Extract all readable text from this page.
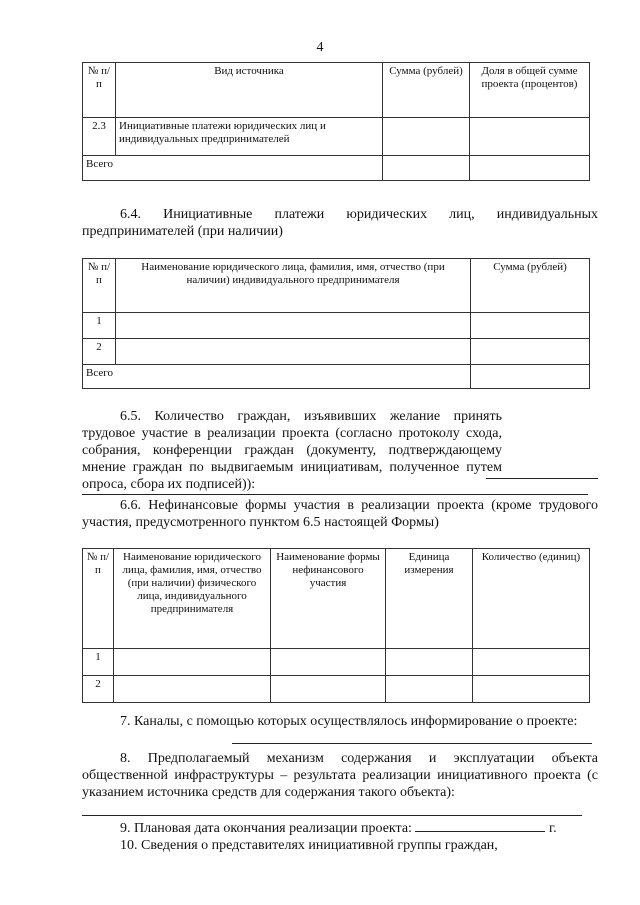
4
№ п/п	Вид источника	Сумма (рублей)	Доля в общей сумме проекта (процентов)
2.3	Инициативные платежи юридических лиц и индивидуальных предпринимателей		
Всего			
6.4. Инициативные платежи юридических лиц, индивидуальных предпринимателей (при наличии)
№ п/п	Наименование юридического лица, фамилия, имя, отчество (при наличии) индивидуального предпринимателя	Сумма (рублей)
1		
2		
Всего		
6.5. Количество граждан, изъявивших желание принять трудовое участие в реализации проекта (согласно протоколу схода, собрания, конференции граждан (документу, подтверждающему мнение граждан по выдвигаемым инициативам, полученное путем опроса, сбора их подписей)):
6.6. Нефинансовые формы участия в реализации проекта (кроме трудового участия, предусмотренного пунктом 6.5 настоящей Формы)
№ п/п	Наименование юридического лица, фамилия, имя, отчество (при наличии) физического лица, индивидуального предпринимателя	Наименование формы нефинансового участия	Единица измерения	Количество (единиц)
1				
2				
7. Каналы, с помощью которых осуществлялось информирование о проекте:
8. Предполагаемый механизм содержания и эксплуатации объекта общественной инфраструктуры – результата реализации инициативного проекта (с указанием источника средств для содержания такого объекта):
9. Плановая дата окончания реализации проекта:	г.
10. Сведения о представителях инициативной группы граждан,
